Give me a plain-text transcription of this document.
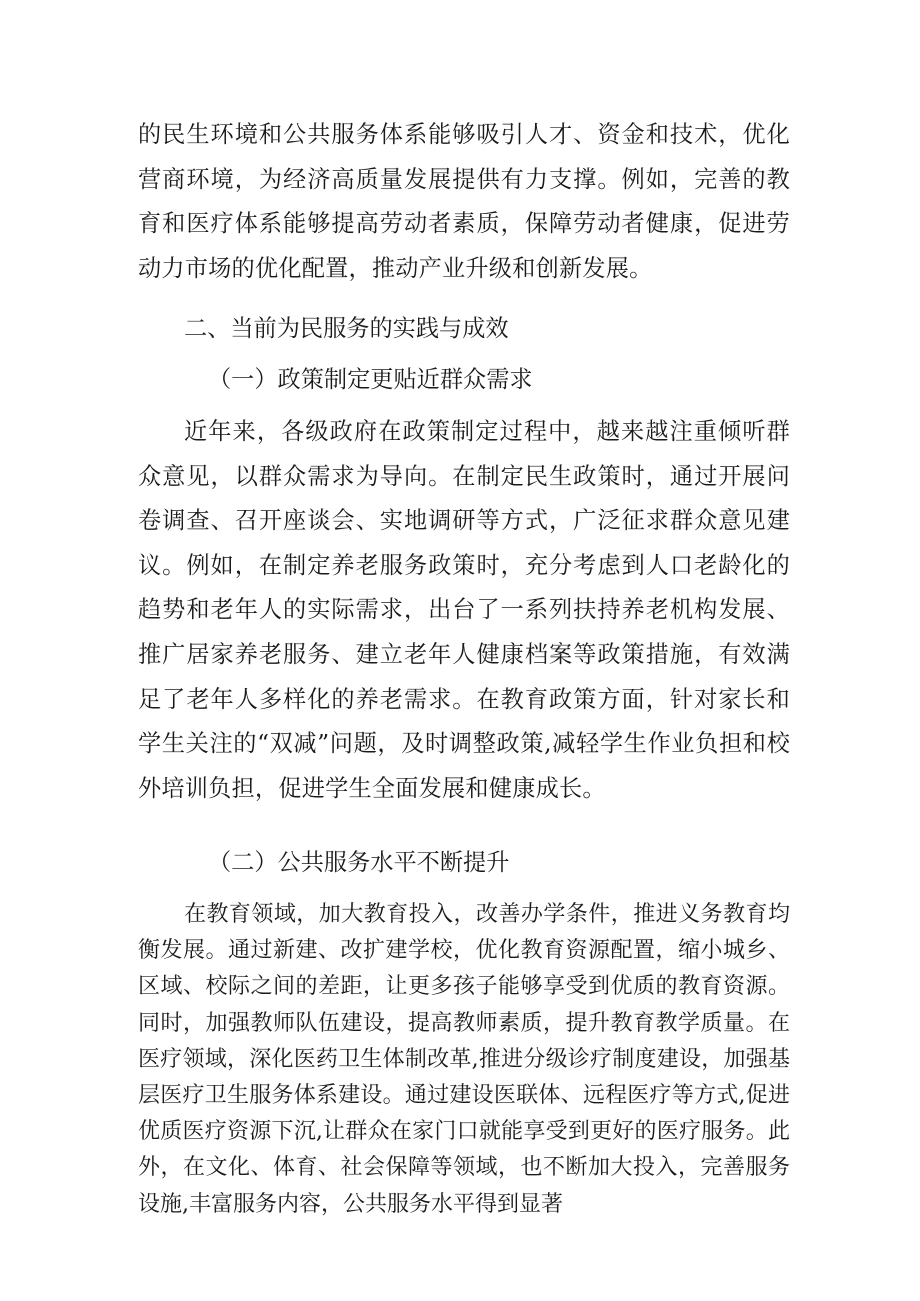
的民生环境和公共服务体系能够吸引人才、资金和技术，优化营商环境，为经济高质量发展提供有力支撑。例如，完善的教育和医疗体系能够提高劳动者素质，保障劳动者健康，促进劳动力市场的优化配置，推动产业升级和创新发展。

二、当前为民服务的实践与成效

（一）政策制定更贴近群众需求

近年来，各级政府在政策制定过程中，越来越注重倾听群众意见，以群众需求为导向。在制定民生政策时，通过开展问卷调查、召开座谈会、实地调研等方式，广泛征求群众意见建议。例如，在制定养老服务政策时，充分考虑到人口老龄化的趋势和老年人的实际需求，出台了一系列扶持养老机构发展、推广居家养老服务、建立老年人健康档案等政策措施，有效满足了老年人多样化的养老需求。在教育政策方面，针对家长和学生关注的“双减”问题，及时调整政策,减轻学生作业负担和校外培训负担，促进学生全面发展和健康成长。

（二）公共服务水平不断提升

在教育领域，加大教育投入，改善办学条件，推进义务教育均衡发展。通过新建、改扩建学校，优化教育资源配置，缩小城乡、区域、校际之间的差距，让更多孩子能够享受到优质的教育资源。同时，加强教师队伍建设，提高教师素质，提升教育教学质量。在医疗领域，深化医药卫生体制改革,推进分级诊疗制度建设，加强基层医疗卫生服务体系建设。通过建设医联体、远程医疗等方式,促进优质医疗资源下沉,让群众在家门口就能享受到更好的医疗服务。此外，在文化、体育、社会保障等领域，也不断加大投入，完善服务设施,丰富服务内容，公共服务水平得到显著
